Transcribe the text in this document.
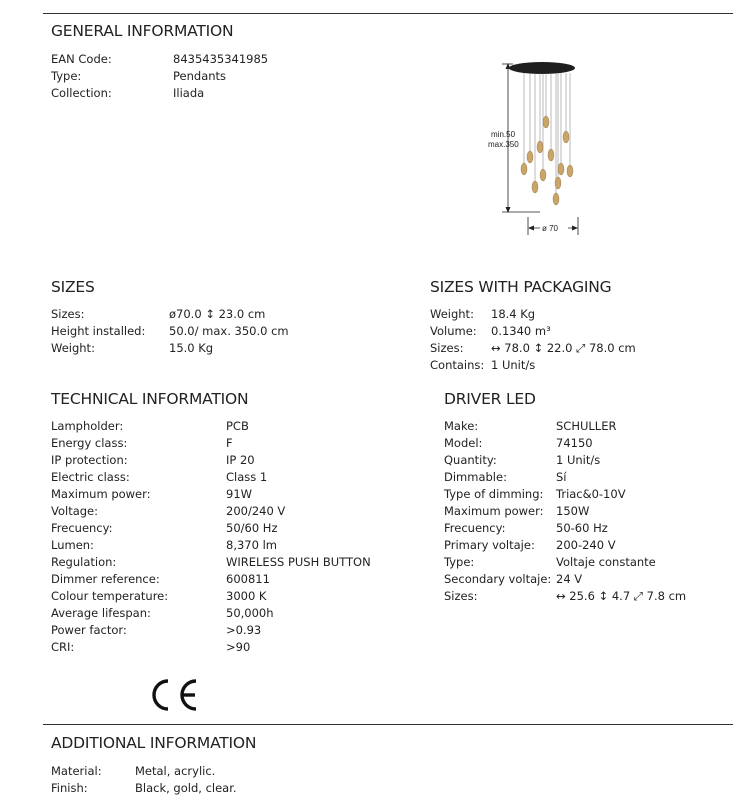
GENERAL INFORMATION
EAN Code:	8435435341985
Type:	Pendants
Collection:	Iliada
min.50
max.350
ø 70
SIZES
Sizes:	ø70.0 ↕ 23.0 cm
Height installed: 50.0/ max. 350.0 cm
Weight:	15.0 Kg
SIZES WITH PACKAGING
Weight: 18.4 Kg
Volume: 0.1340 m³
Sizes: ↔ 78.0 ↕ 22.0 ⤢ 78.0 cm
Contains: 1 Unit/s
TECHNICAL INFORMATION
Lampholder:	PCB
Energy class:	F
IP protection:	IP 20
Electric class:	Class 1
Maximum power:	91W
Voltage:	200/240 V
Frecuency:	50/60 Hz
Lumen:	8,370 lm
Regulation:	WIRELESS PUSH BUTTON
Dimmer reference:	600811
Colour temperature:	3000 K
Average lifespan:	50,000h
Power factor:	>0.93
CRI:	>90
DRIVER LED
Make:	SCHULLER
Model:	74150
Quantity:	1 Unit/s
Dimmable:	Sí
Type of dimming: Triac&0-10V
Maximum power: 150W
Frecuency:	50-60 Hz
Primary voltaje: 200-240 V
Type:	Voltaje constante
Secondary voltaje: 24 V
Sizes:	↔ 25.6 ↕ 4.7 ⤢ 7.8 cm
ADDITIONAL INFORMATION
Material:	Metal, acrylic.
Finish:	Black, gold, clear.
